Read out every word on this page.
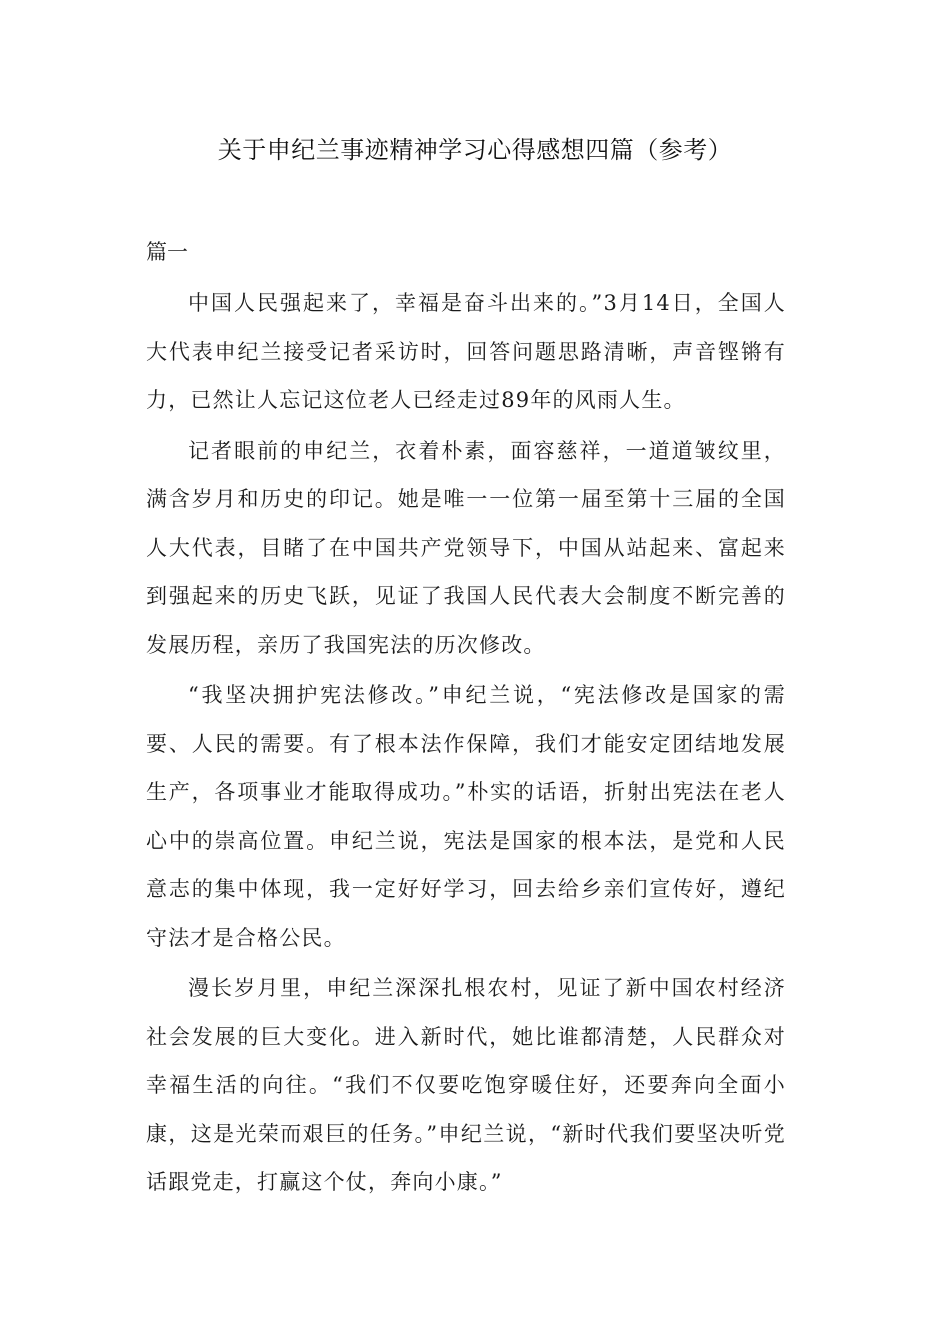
关于申纪兰事迹精神学习心得感想四篇（参考）
篇一

中国人民强起来了，幸福是奋斗出来的。”3月14日，全国人大代表申纪兰接受记者采访时，回答问题思路清晰，声音铿锵有力，已然让人忘记这位老人已经走过89年的风雨人生。

记者眼前的申纪兰，衣着朴素，面容慈祥，一道道皱纹里，满含岁月和历史的印记。她是唯一一位第一届至第十三届的全国人大代表，目睹了在中国共产党领导下，中国从站起来、富起来到强起来的历史飞跃，见证了我国人民代表大会制度不断完善的发展历程，亲历了我国宪法的历次修改。

“我坚决拥护宪法修改。”申纪兰说，“宪法修改是国家的需要、人民的需要。有了根本法作保障，我们才能安定团结地发展生产，各项事业才能取得成功。”朴实的话语，折射出宪法在老人心中的崇高位置。申纪兰说，宪法是国家的根本法，是党和人民意志的集中体现，我一定好好学习，回去给乡亲们宣传好，遵纪守法才是合格公民。

漫长岁月里，申纪兰深深扎根农村，见证了新中国农村经济社会发展的巨大变化。进入新时代，她比谁都清楚，人民群众对幸福生活的向往。“我们不仅要吃饱穿暖住好，还要奔向全面小康，这是光荣而艰巨的任务。”申纪兰说，“新时代我们要坚决听党话跟党走，打赢这个仗，奔向小康。”
